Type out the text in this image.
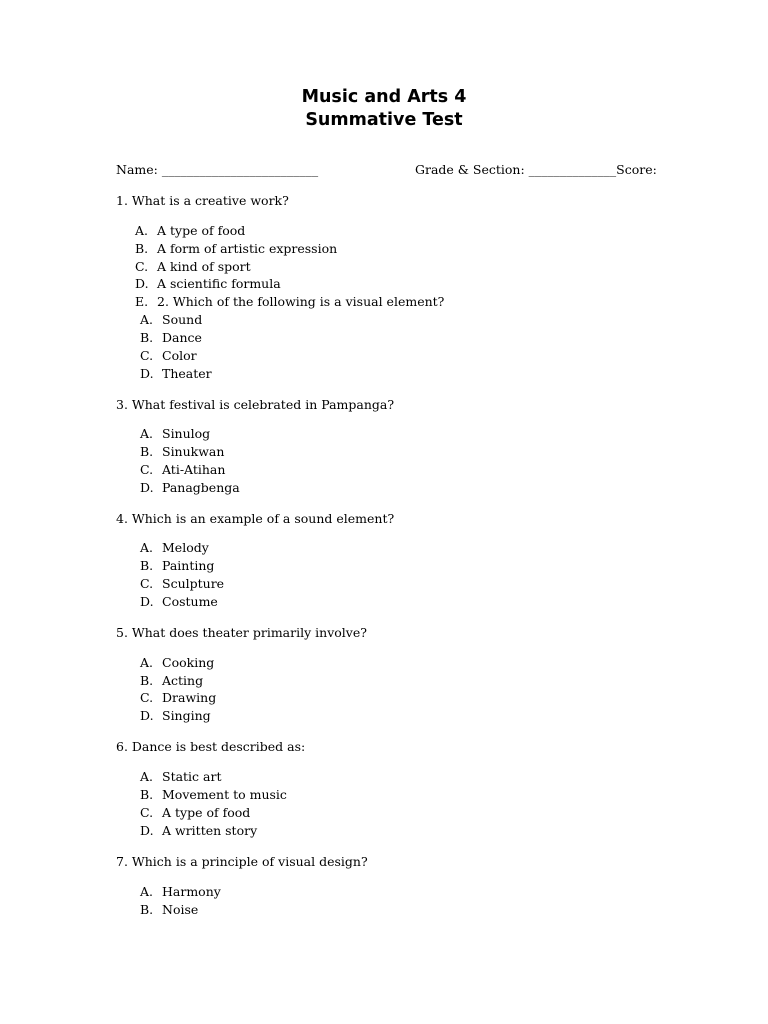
Music and Arts 4
Summative Test
Name: _________________________	Grade & Section: ______________Score:
1. What is a creative work?
A. A type of food
B. A form of artistic expression
C. A kind of sport
D. A scientific formula
E. 2. Which of the following is a visual element?
A. Sound
B. Dance
C. Color
D. Theater
3. What festival is celebrated in Pampanga?
A. Sinulog
B. Sinukwan
C. Ati-Atihan
D. Panagbenga
4. Which is an example of a sound element?
A. Melody
B. Painting
C. Sculpture
D. Costume
5. What does theater primarily involve?
A. Cooking
B. Acting
C. Drawing
D. Singing
6. Dance is best described as:
A. Static art
B. Movement to music
C. A type of food
D. A written story
7. Which is a principle of visual design?
A. Harmony
B. Noise
